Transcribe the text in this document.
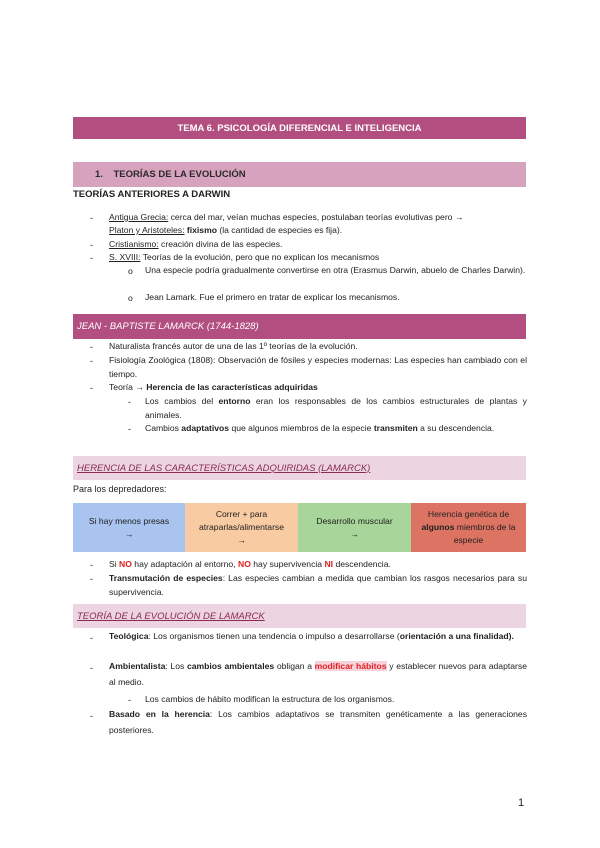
TEMA 6. PSICOLOGÍA DIFERENCIAL E INTELIGENCIA
1.
TEORÍAS DE LA EVOLUCIÓN
TEORÍAS ANTERIORES A DARWIN
- Antigua Grecia: cerca del mar, veían muchas especies, postulaban teorías evolutivas pero →
Platon y Aristoteles: fixismo (la cantidad de especies es fija).
- Cristianismo: creación divina de las especies.
- S. XVIII: Teorías de la evolución, pero que no explican los mecanismos
o Una especie podría gradualmente convertirse en otra (Erasmus Darwin, abuelo de Charles Darwin).
o Jean Lamark. Fue el primero en tratar de explicar los mecanismos.
JEAN - BAPTISTE LAMARCK (1744-1828)
- Naturalista francés autor de una de las 1º teorías de la evolución.
- Fisiología Zoológica (1808): Observación de fósiles y especies modernas: Las especies han cambiado con el tiempo.
- Teoría → Herencia de las características adquiridas
- Los cambios del entorno eran los responsables de los cambios estructurales de plantas y animales.
- Cambios adaptativos que algunos miembros de la especie transmiten a su descendencia.
HERENCIA DE LAS CARACTERÍSTICAS ADQUIRIDAS (LAMARCK)
Para los depredadores:
Si hay menos presas
→
Correr + para atraparlas/alimentarse
→
Desarrollo muscular
→
Herencia genética de algunos miembros de la especie
- Si NO hay adaptación al entorno, NO hay supervivencia NI descendencia.
- Transmutación de especies: Las especies cambian a medida que cambian los rasgos necesarios para su supervivencia.
TEORÍA DE LA EVOLUCIÓN DE LAMARCK
- Teológica: Los organismos tienen una tendencia o impulso a desarrollarse (orientación a una finalidad).
- Ambientalista: Los cambios ambientales obligan a modificar hábitos y establecer nuevos para adaptarse al medio.
- Los cambios de hábito modifican la estructura de los organismos.
- Basado en la herencia: Los cambios adaptativos se transmiten genéticamente a las generaciones posteriores.
1
